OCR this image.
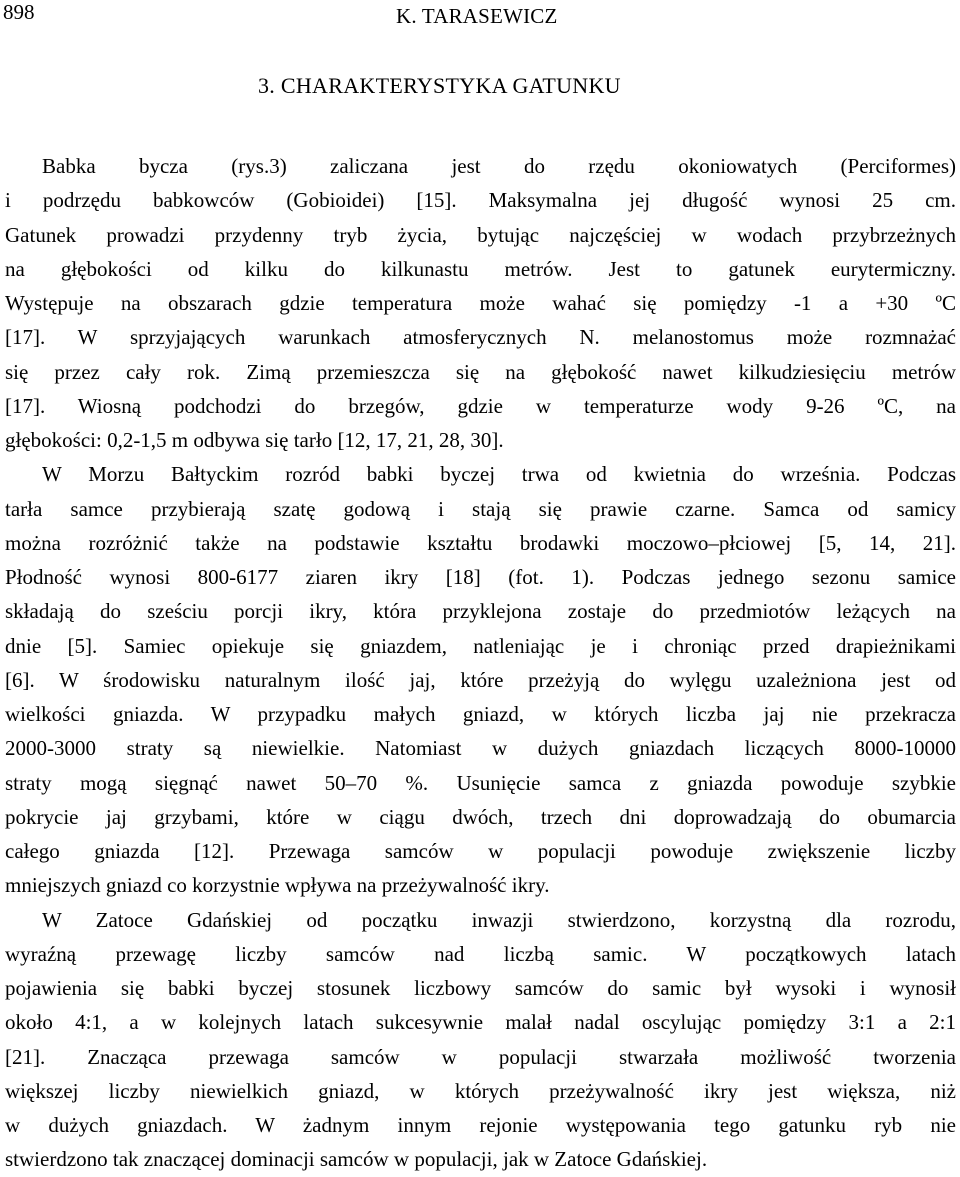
898	K. TARASEWICZ
3. CHARAKTERYSTYKA GATUNKU
Babka bycza (rys.3) zaliczana jest do rzędu okoniowatych (Perciformes)
i podrzędu babkowców (Gobioidei) [15]. Maksymalna jej długość wynosi 25 cm.
Gatunek prowadzi przydenny tryb życia, bytując najczęściej w wodach przybrzeżnych
na głębokości od kilku do kilkunastu metrów. Jest to gatunek eurytermiczny.
Występuje na obszarach gdzie temperatura może wahać się pomiędzy -1 a +30 ºC
[17]. W sprzyjających warunkach atmosferycznych N. melanostomus może rozmnażać
się przez cały rok. Zimą przemieszcza się na głębokość nawet kilkudziesięciu metrów
[17]. Wiosną podchodzi do brzegów, gdzie w temperaturze wody 9-26 ºC, na
głębokości: 0,2-1,5 m odbywa się tarło [12, 17, 21, 28, 30].
W Morzu Bałtyckim rozród babki byczej trwa od kwietnia do września. Podczas
tarła samce przybierają szatę godową i stają się prawie czarne. Samca od samicy
można rozróżnić także na podstawie kształtu brodawki moczowo–płciowej [5, 14, 21].
Płodność wynosi 800-6177 ziaren ikry [18] (fot. 1). Podczas jednego sezonu samice
składają do sześciu porcji ikry, która przyklejona zostaje do przedmiotów leżących na
dnie [5]. Samiec opiekuje się gniazdem, natleniając je i chroniąc przed drapieżnikami
[6]. W środowisku naturalnym ilość jaj, które przeżyją do wylęgu uzależniona jest od
wielkości gniazda. W przypadku małych gniazd, w których liczba jaj nie przekracza
2000-3000 straty są niewielkie. Natomiast w dużych gniazdach liczących 8000-10000
straty mogą sięgnąć nawet 50–70 %. Usunięcie samca z gniazda powoduje szybkie
pokrycie jaj grzybami, które w ciągu dwóch, trzech dni doprowadzają do obumarcia
całego gniazda [12]. Przewaga samców w populacji powoduje zwiększenie liczby
mniejszych gniazd co korzystnie wpływa na przeżywalność ikry.
W Zatoce Gdańskiej od początku inwazji stwierdzono, korzystną dla rozrodu,
wyraźną przewagę liczby samców nad liczbą samic. W początkowych latach
pojawienia się babki byczej stosunek liczbowy samców do samic był wysoki i wynosił
około 4:1, a w kolejnych latach sukcesywnie malał nadal oscylując pomiędzy 3:1 a 2:1
[21]. Znacząca przewaga samców w populacji stwarzała możliwość tworzenia
większej liczby niewielkich gniazd, w których przeżywalność ikry jest większa, niż
w dużych gniazdach. W żadnym innym rejonie występowania tego gatunku ryb nie
stwierdzono tak znaczącej dominacji samców w populacji, jak w Zatoce Gdańskiej.
